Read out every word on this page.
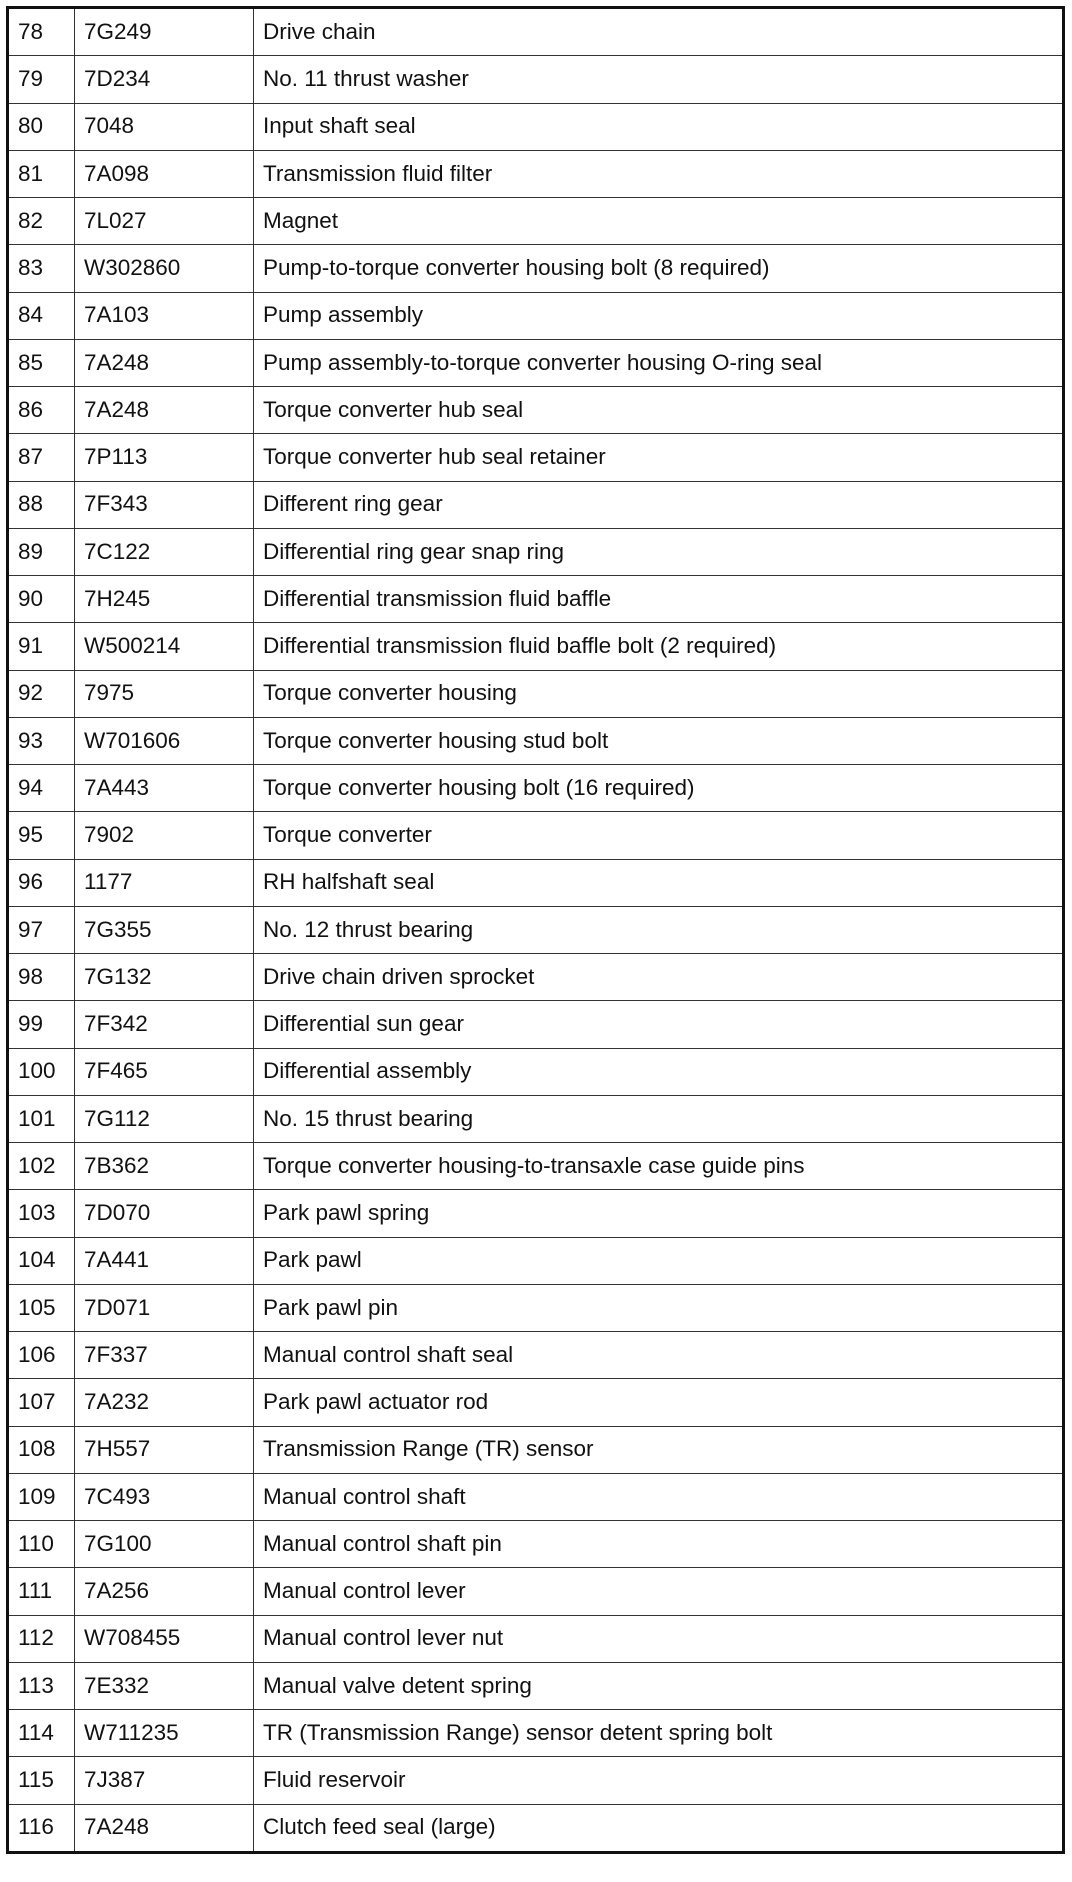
78	7G249	Drive chain
79	7D234	No. 11 thrust washer
80	7048	Input shaft seal
81	7A098	Transmission fluid filter
82	7L027	Magnet
83	W302860	Pump-to-torque converter housing bolt (8 required)
84	7A103	Pump assembly
85	7A248	Pump assembly-to-torque converter housing O-ring seal
86	7A248	Torque converter hub seal
87	7P113	Torque converter hub seal retainer
88	7F343	Different ring gear
89	7C122	Differential ring gear snap ring
90	7H245	Differential transmission fluid baffle
91	W500214	Differential transmission fluid baffle bolt (2 required)
92	7975	Torque converter housing
93	W701606	Torque converter housing stud bolt
94	7A443	Torque converter housing bolt (16 required)
95	7902	Torque converter
96	1177	RH halfshaft seal
97	7G355	No. 12 thrust bearing
98	7G132	Drive chain driven sprocket
99	7F342	Differential sun gear
100	7F465	Differential assembly
101	7G112	No. 15 thrust bearing
102	7B362	Torque converter housing-to-transaxle case guide pins
103	7D070	Park pawl spring
104	7A441	Park pawl
105	7D071	Park pawl pin
106	7F337	Manual control shaft seal
107	7A232	Park pawl actuator rod
108	7H557	Transmission Range (TR) sensor
109	7C493	Manual control shaft
110	7G100	Manual control shaft pin
111	7A256	Manual control lever
112	W708455	Manual control lever nut
113	7E332	Manual valve detent spring
114	W711235	TR (Transmission Range) sensor detent spring bolt
115	7J387	Fluid reservoir
116	7A248	Clutch feed seal (large)
